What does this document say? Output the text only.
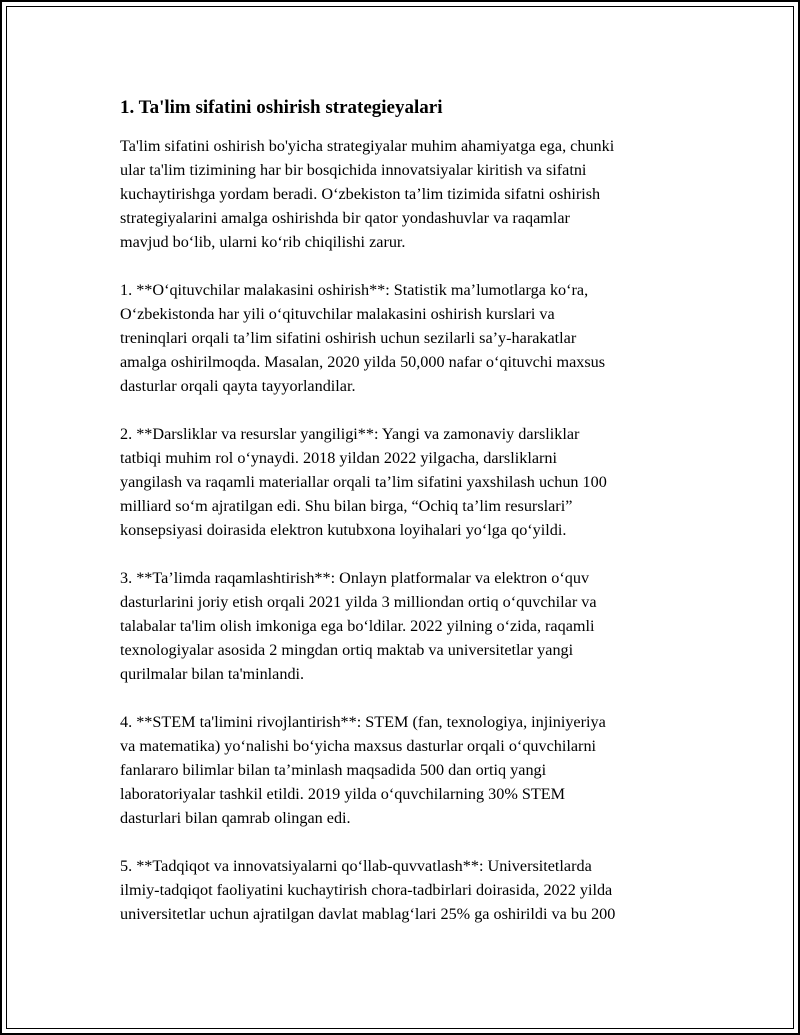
1. Ta'lim sifatini oshirish strategieyalari
Ta'lim sifatini oshirish bo'yicha strategiyalar muhim ahamiyatga ega, chunki
ular ta'lim tizimining har bir bosqichida innovatsiyalar kiritish va sifatni
kuchaytirishga yordam beradi. O‘zbekiston ta’lim tizimida sifatni oshirish
strategiyalarini amalga oshirishda bir qator yondashuvlar va raqamlar
mavjud bo‘lib, ularni ko‘rib chiqilishi zarur.
1. **O‘qituvchilar malakasini oshirish**: Statistik ma’lumotlarga ko‘ra,
O‘zbekistonda har yili o‘qituvchilar malakasini oshirish kurslari va
treninqlari orqali ta’lim sifatini oshirish uchun sezilarli sa’y-harakatlar
amalga oshirilmoqda. Masalan, 2020 yilda 50,000 nafar o‘qituvchi maxsus
dasturlar orqali qayta tayyorlandilar.
2. **Darsliklar va resurslar yangiligi**: Yangi va zamonaviy darsliklar
tatbiqi muhim rol o‘ynaydi. 2018 yildan 2022 yilgacha, darsliklarni
yangilash va raqamli materiallar orqali ta’lim sifatini yaxshilash uchun 100
milliard so‘m ajratilgan edi. Shu bilan birga, “Ochiq ta’lim resurslari”
konsepsiyasi doirasida elektron kutubxona loyihalari yo‘lga qo‘yildi.
3. **Ta’limda raqamlashtirish**: Onlayn platformalar va elektron o‘quv
dasturlarini joriy etish orqali 2021 yilda 3 milliondan ortiq o‘quvchilar va
talabalar ta'lim olish imkoniga ega bo‘ldilar. 2022 yilning o‘zida, raqamli
texnologiyalar asosida 2 mingdan ortiq maktab va universitetlar yangi
qurilmalar bilan ta'minlandi.
4. **STEM ta'limini rivojlantirish**: STEM (fan, texnologiya, injiniyeriya
va matematika) yo‘nalishi bo‘yicha maxsus dasturlar orqali o‘quvchilarni
fanlararo bilimlar bilan ta’minlash maqsadida 500 dan ortiq yangi
laboratoriyalar tashkil etildi. 2019 yilda o‘quvchilarning 30% STEM
dasturlari bilan qamrab olingan edi.
5. **Tadqiqot va innovatsiyalarni qo‘llab-quvvatlash**: Universitetlarda
ilmiy-tadqiqot faoliyatini kuchaytirish chora-tadbirlari doirasida, 2022 yilda
universitetlar uchun ajratilgan davlat mablag‘lari 25% ga oshirildi va bu 200
